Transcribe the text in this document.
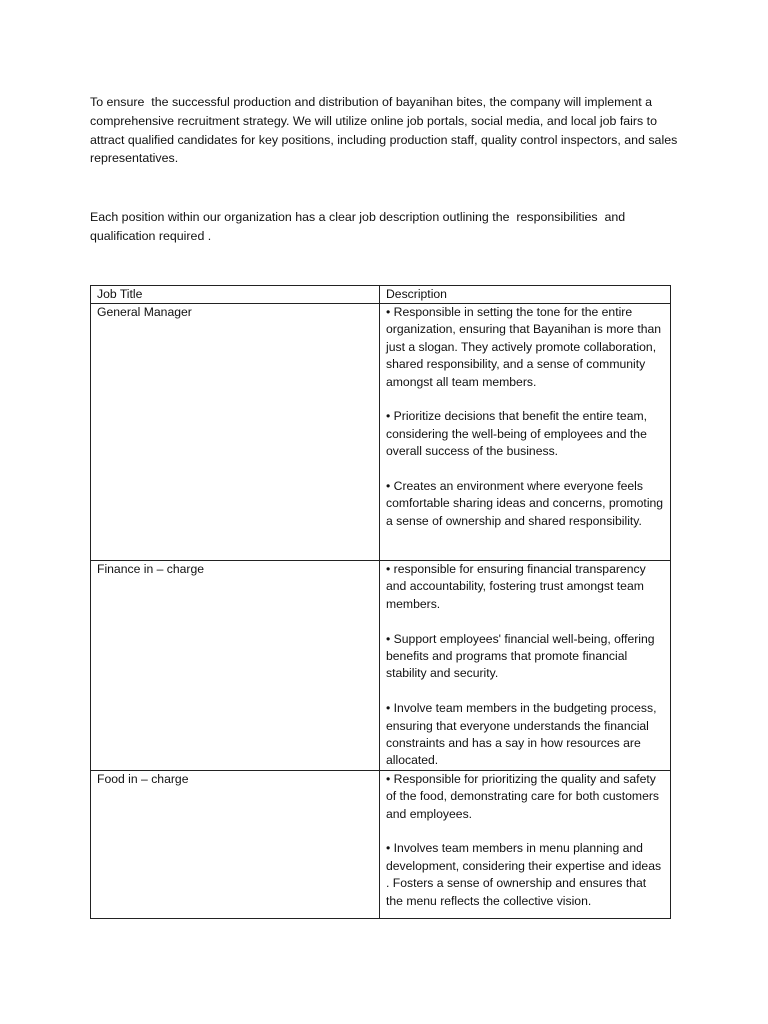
To ensure  the successful production and distribution of bayanihan bites, the company will implement a comprehensive recruitment strategy. We will utilize online job portals, social media, and local job fairs to attract qualified candidates for key positions, including production staff, quality control inspectors, and sales representatives.

Each position within our organization has a clear job description outlining the  responsibilities  and qualification required .

Job Title	Description
General Manager	• Responsible in setting the tone for the entire organization, ensuring that Bayanihan is more than just a slogan. They actively promote collaboration, shared responsibility, and a sense of community amongst all team members.

• Prioritize decisions that benefit the entire team, considering the well-being of employees and the overall success of the business.

• Creates an environment where everyone feels comfortable sharing ideas and concerns, promoting a sense of ownership and shared responsibility.

Finance in – charge	• responsible for ensuring financial transparency and accountability, fostering trust amongst team members.

• Support employees' financial well-being, offering benefits and programs that promote financial stability and security.

• Involve team members in the budgeting process, ensuring that everyone understands the financial constraints and has a say in how resources are allocated.

Food in – charge	• Responsible for prioritizing the quality and safety of the food, demonstrating care for both customers and employees.

• Involves team members in menu planning and development, considering their expertise and ideas . Fosters a sense of ownership and ensures that the menu reflects the collective vision.
